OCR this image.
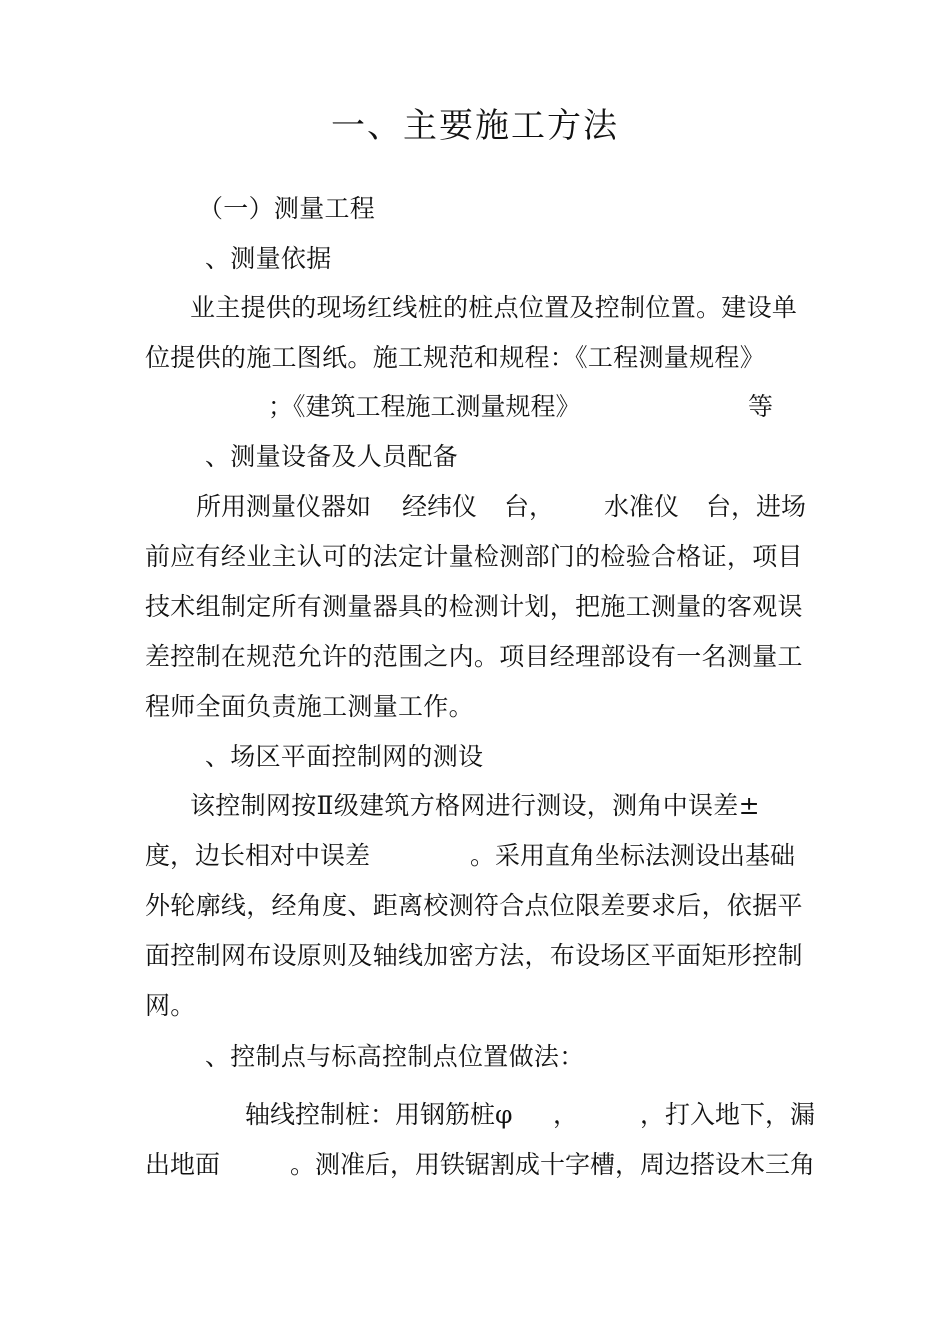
一、主要施工方法
（一）测量工程
、测量依据
业主提供的现场红线桩的桩点位置及控制位置。建设单
位提供的施工图纸。施工规范和规程：《工程测量规程》
；《建筑工程施工测量规程》	等
、测量设备及人员配备
所用测量仪器如 经纬仪 台， 水准仪 台，进场
前应有经业主认可的法定计量检测部门的检验合格证，项目
技术组制定所有测量器具的检测计划，把施工测量的客观误
差控制在规范允许的范围之内。项目经理部设有一名测量工
程师全面负责施工测量工作。
、场区平面控制网的测设
该控制网按Ⅱ级建筑方格网进行测设，测角中误差±
度，边长相对中误差	。采用直角坐标法测设出基础
外轮廓线，经角度、距离校测符合点位限差要求后，依据平
面控制网布设原则及轴线加密方法，布设场区平面矩形控制
网。
、控制点与标高控制点位置做法：
轴线控制桩：用钢筋桩φ ， ，打入地下，漏
出地面	。测准后，用铁锯割成十字槽，周边搭设木三角
